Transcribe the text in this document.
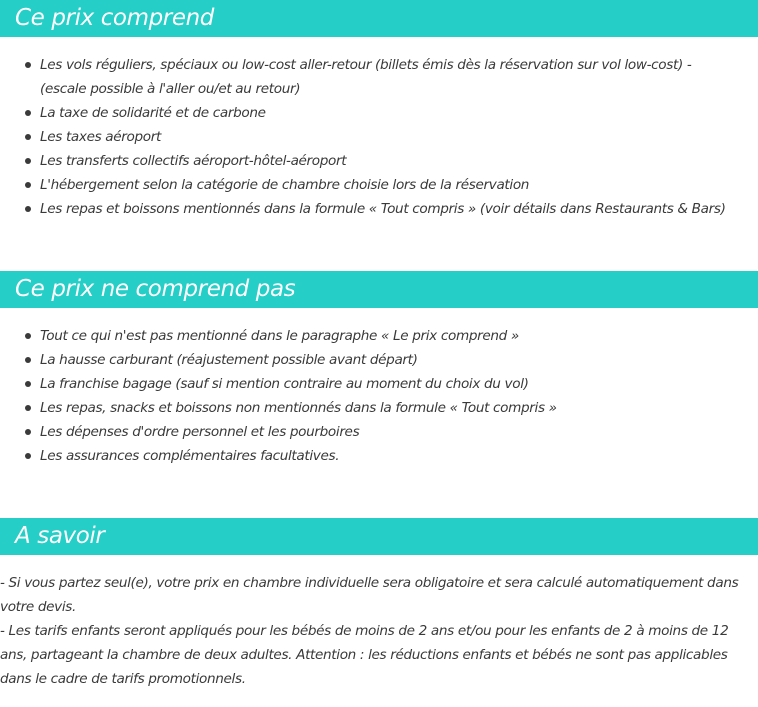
Ce prix comprend
Les vols réguliers, spéciaux ou low-cost aller-retour (billets émis dès la réservation sur vol low-cost) - (escale possible à l'aller ou/et au retour)
La taxe de solidarité et de carbone
Les taxes aéroport
Les transferts collectifs aéroport-hôtel-aéroport
L'hébergement selon la catégorie de chambre choisie lors de la réservation
Les repas et boissons mentionnés dans la formule « Tout compris » (voir détails dans Restaurants & Bars)
Ce prix ne comprend pas
Tout ce qui n'est pas mentionné dans le paragraphe « Le prix comprend »
La hausse carburant (réajustement possible avant départ)
La franchise bagage (sauf si mention contraire au moment du choix du vol)
Les repas, snacks et boissons non mentionnés dans la formule « Tout compris »
Les dépenses d'ordre personnel et les pourboires
Les assurances complémentaires facultatives.
A savoir

- Si vous partez seul(e), votre prix en chambre individuelle sera obligatoire et sera calculé automatiquement dans votre devis.

- Les tarifs enfants seront appliqués pour les bébés de moins de 2 ans et/ou pour les enfants de 2 à moins de 12 ans, partageant la chambre de deux adultes. Attention : les réductions enfants et bébés ne sont pas applicables dans le cadre de tarifs promotionnels.
